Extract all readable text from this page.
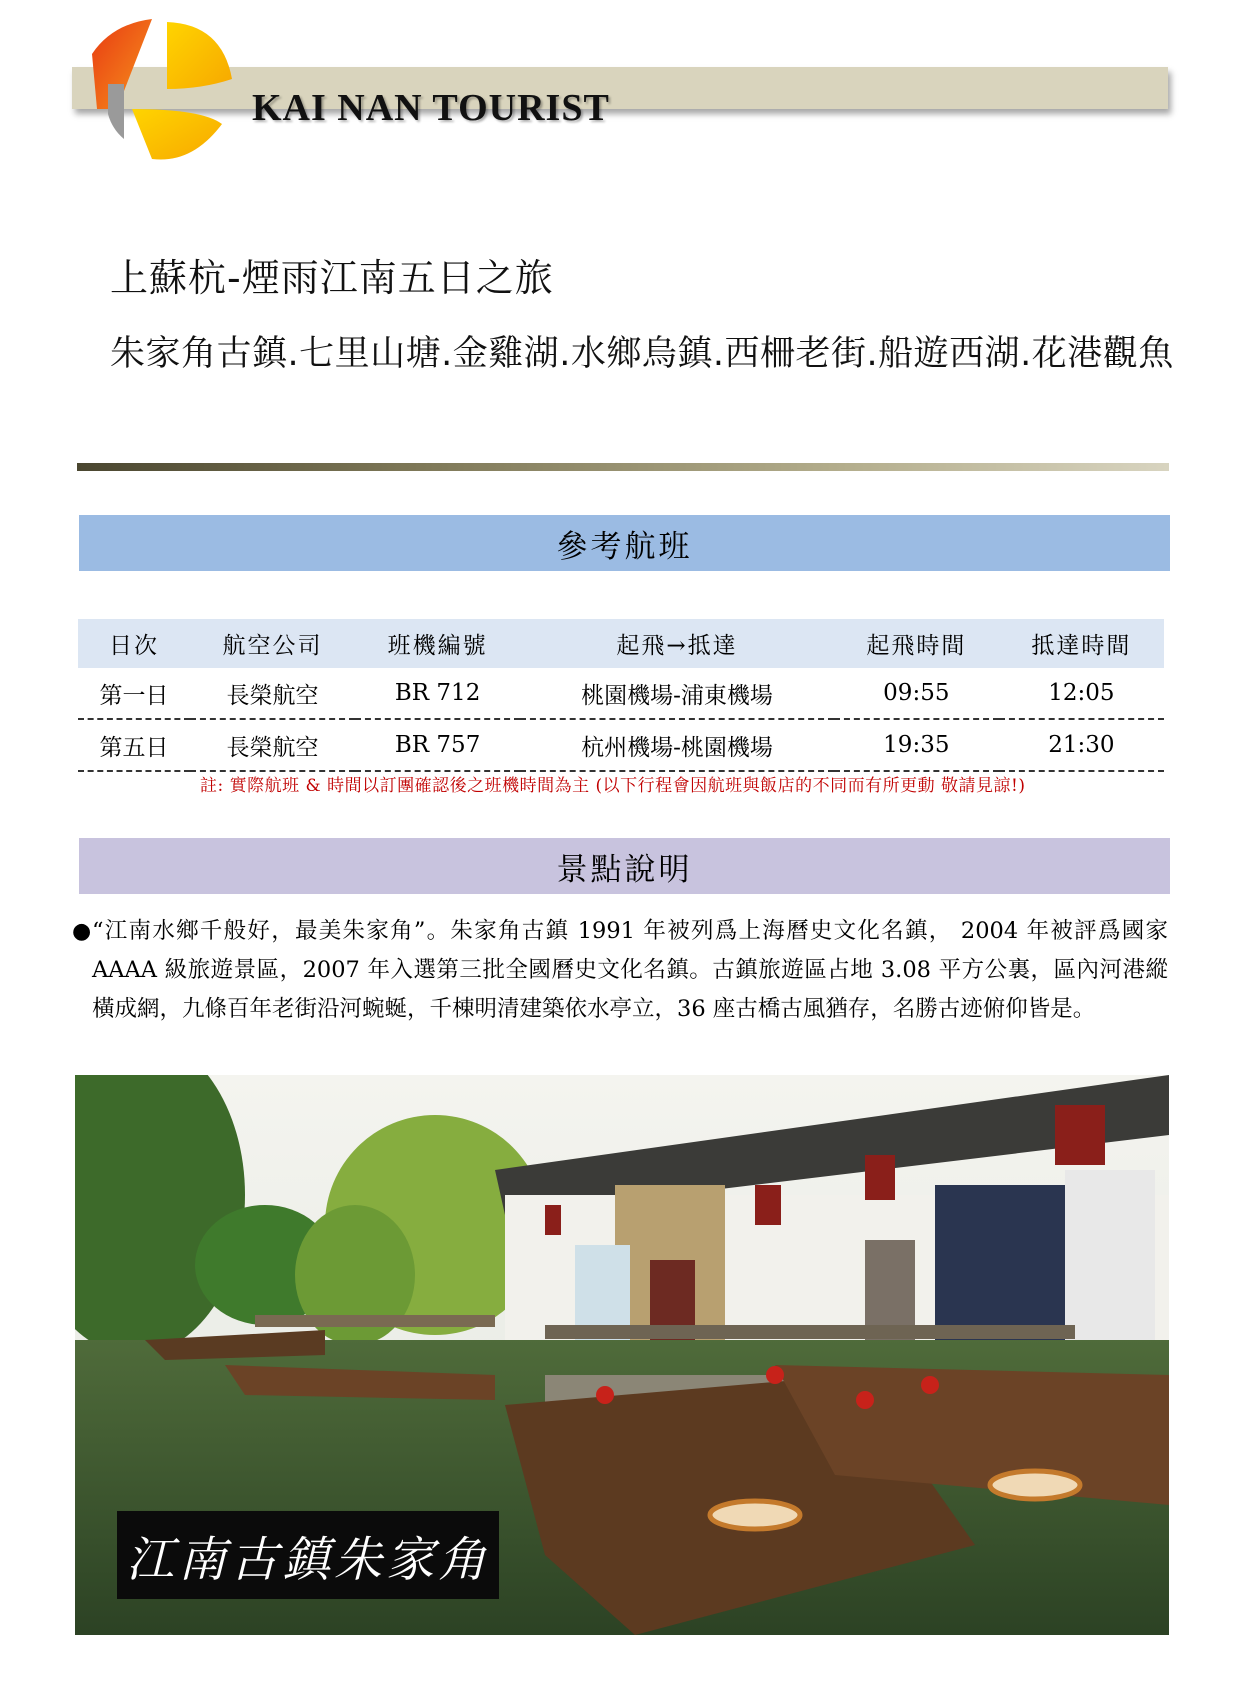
KAI NAN TOURIST
上蘇杭-煙雨江南五日之旅
朱家角古鎮.七里山塘.金雞湖.水鄉烏鎮.西柵老街.船遊西湖.花港觀魚
參考航班
日次	航空公司	班機編號	起飛→抵達	起飛時間	抵達時間
第一日	長榮航空	BR 712	桃園機場-浦東機場	09:55	12:05
第五日	長榮航空	BR 757	杭州機場-桃園機場	19:35	21:30
註: 實際航班 & 時間以訂團確認後之班機時間為主 (以下行程會因航班與飯店的不同而有所更動 敬請見諒!)
景點說明
● “江南水鄉千般好，最美朱家角”。朱家角古鎮 1991 年被列爲上海曆史文化名鎮， 2004 年被評爲國家 AAAA 級旅遊景區，2007 年入選第三批全國曆史文化名鎮。古鎮旅遊區占地 3.08 平方公裏，區內河港縱橫成網，九條百年老街沿河蜿蜒，千棟明清建築依水亭立，36 座古橋古風猶存，名勝古迹俯仰皆是。
江南古鎮朱家角
